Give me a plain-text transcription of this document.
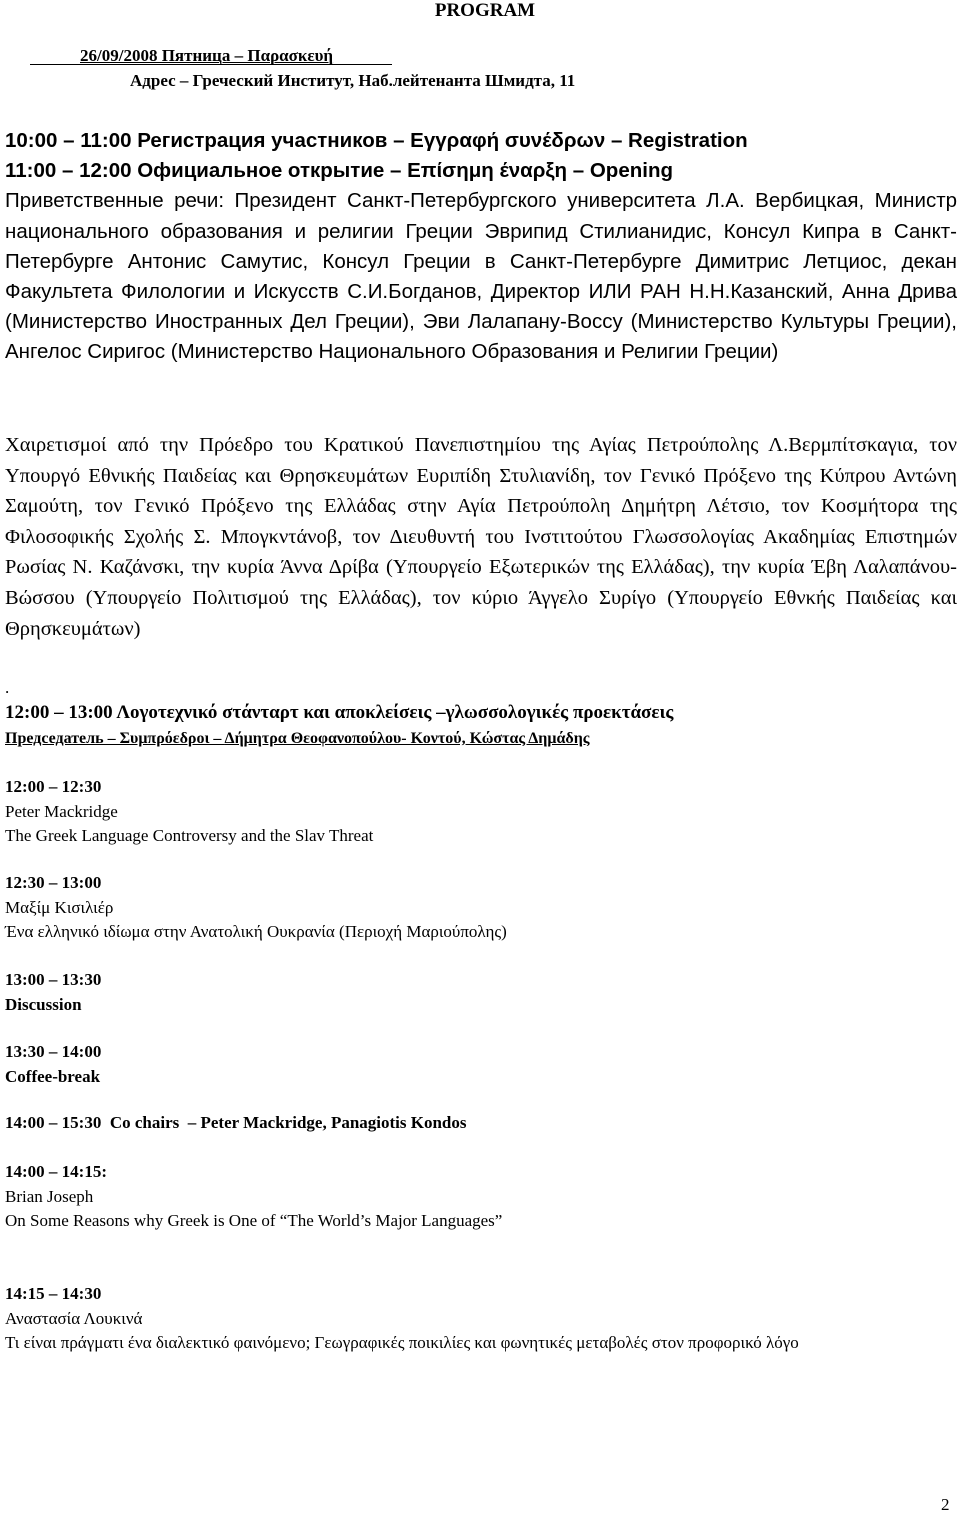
PROGRAM
26/09/2008 Пятница – Παρασκευή
Адрес – Греческий Институт, Наб.лейтенанта Шмидта, 11
10:00 – 11:00 Регистрация участников – Εγγραφή συνέδρων – Registration
11:00 – 12:00 Официальное открытие – Επίσημη έναρξη – Opening
Приветственные речи: Президент Санкт-Петербургского университета Л.А. Вербицкая, Министр национального образования и религии Греции Эврипид Стилианидис, Консул Кипра в Санкт-Петербурге Антонис Самутис, Консул Греции в Санкт-Петербурге Димитрис Летциос, декан Факультета Филологии и Искусств С.И.Богданов, Директор ИЛИ РАН Н.Н.Казанский, Анна Дрива (Министерство Иностранных Дел Греции), Эви Лалапану-Воссу (Министерство Культуры Греции), Ангелос Сиригос (Министерство Национального Образования и Религии Греции)
Χαιρετισμοί από την Πρόεδρο του Κρατικού Πανεπιστημίου της Αγίας Πετρούπολης Λ.Βερμπίτσκαγια, τον Υπουργό Εθνικής Παιδείας και Θρησκευμάτων Ευριπίδη Στυλιανίδη, τον Γενικό Πρόξενο της Κύπρου Αντώνη Σαμούτη, τον Γενικό Πρόξενο της Ελλάδας στην Αγία Πετρούπολη Δημήτρη Λέτσιο, τον Κοσμήτορα της Φιλοσοφικής Σχολής Σ. Μπογκντάνοβ, τον Διευθυντή του Ινστιτούτου Γλωσσολογίας Ακαδημίας Επιστημών Ρωσίας Ν. Καζάνσκι, την κυρία Άννα Δρίβα (Υπουργείο Εξωτερικών της Ελλάδας), την κυρία Έβη Λαλαπάνου-Βώσσου (Υπουργείο Πολιτισμού της Ελλάδας), τον κύριο Άγγελο Συρίγο (Υπουργείο Εθνκής Παιδείας και Θρησκευμάτων)
.
12:00 – 13:00 Λογοτεχνικό στάνταρτ και αποκλείσεις –γλωσσολογικές προεκτάσεις
Председатель – Συμπρόεδροι – Δήμητρα Θεοφανοπούλου- Κοντού, Κώστας Δημάδης
12:00 – 12:30
Peter Mackridge
The Greek Language Controversy and the Slav Threat
12:30 – 13:00
Μαξίμ Κισιλιέρ
Ένα ελληνικό ιδίωμα στην Ανατολική Ουκρανία (Περιοχή Μαριούπολης)
13:00 – 13:30
Discussion
13:30 – 14:00
Coffee-break
14:00 – 15:30 Co chairs – Peter Mackridge, Panagiotis Kondos
14:00 – 14:15:
Brian Joseph
On Some Reasons why Greek is One of “The World’s Major Languages”
14:15 – 14:30
Αναστασία Λουκινά
Τι είναι πράγματι ένα διαλεκτικό φαινόμενο; Γεωγραφικές ποικιλίες και φωνητικές μεταβολές στον προφορικό λόγο
2
